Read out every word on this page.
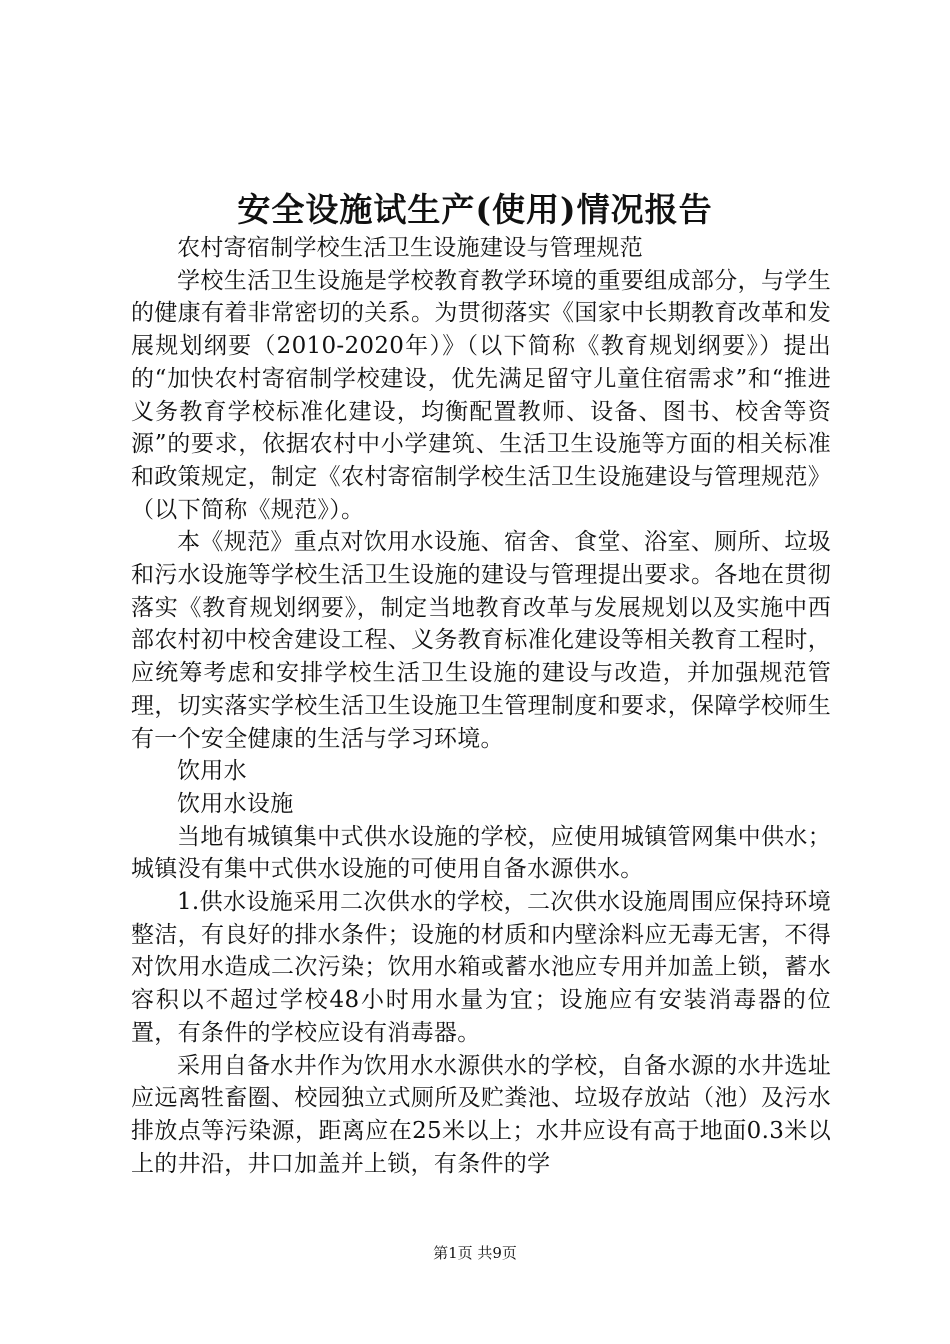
安全设施试生产(使用)情况报告

农村寄宿制学校生活卫生设施建设与管理规范

学校生活卫生设施是学校教育教学环境的重要组成部分，与学生的健康有着非常密切的关系。为贯彻落实《国家中长期教育改革和发展规划纲要（2010-2020年）》（以下简称《教育规划纲要》）提出的“加快农村寄宿制学校建设，优先满足留守儿童住宿需求”和“推进义务教育学校标准化建设，均衡配置教师、设备、图书、校舍等资源”的要求，依据农村中小学建筑、生活卫生设施等方面的相关标准和政策规定，制定《农村寄宿制学校生活卫生设施建设与管理规范》（以下简称《规范》）。

本《规范》重点对饮用水设施、宿舍、食堂、浴室、厕所、垃圾和污水设施等学校生活卫生设施的建设与管理提出要求。各地在贯彻落实《教育规划纲要》，制定当地教育改革与发展规划以及实施中西部农村初中校舍建设工程、义务教育标准化建设等相关教育工程时，应统筹考虑和安排学校生活卫生设施的建设与改造，并加强规范管理，切实落实学校生活卫生设施卫生管理制度和要求，保障学校师生有一个安全健康的生活与学习环境。

饮用水

饮用水设施

当地有城镇集中式供水设施的学校，应使用城镇管网集中供水；城镇没有集中式供水设施的可使用自备水源供水。

1.供水设施采用二次供水的学校，二次供水设施周围应保持环境整洁，有良好的排水条件；设施的材质和内壁涂料应无毒无害，不得对饮用水造成二次污染；饮用水箱或蓄水池应专用并加盖上锁，蓄水容积以不超过学校48小时用水量为宜；设施应有安装消毒器的位置，有条件的学校应设有消毒器。

采用自备水井作为饮用水水源供水的学校，自备水源的水井选址应远离牲畜圈、校园独立式厕所及贮粪池、垃圾存放站（池）及污水排放点等污染源，距离应在25米以上；水井应设有高于地面0.3米以上的井沿，井口加盖并上锁，有条件的学

第1页 共9页
